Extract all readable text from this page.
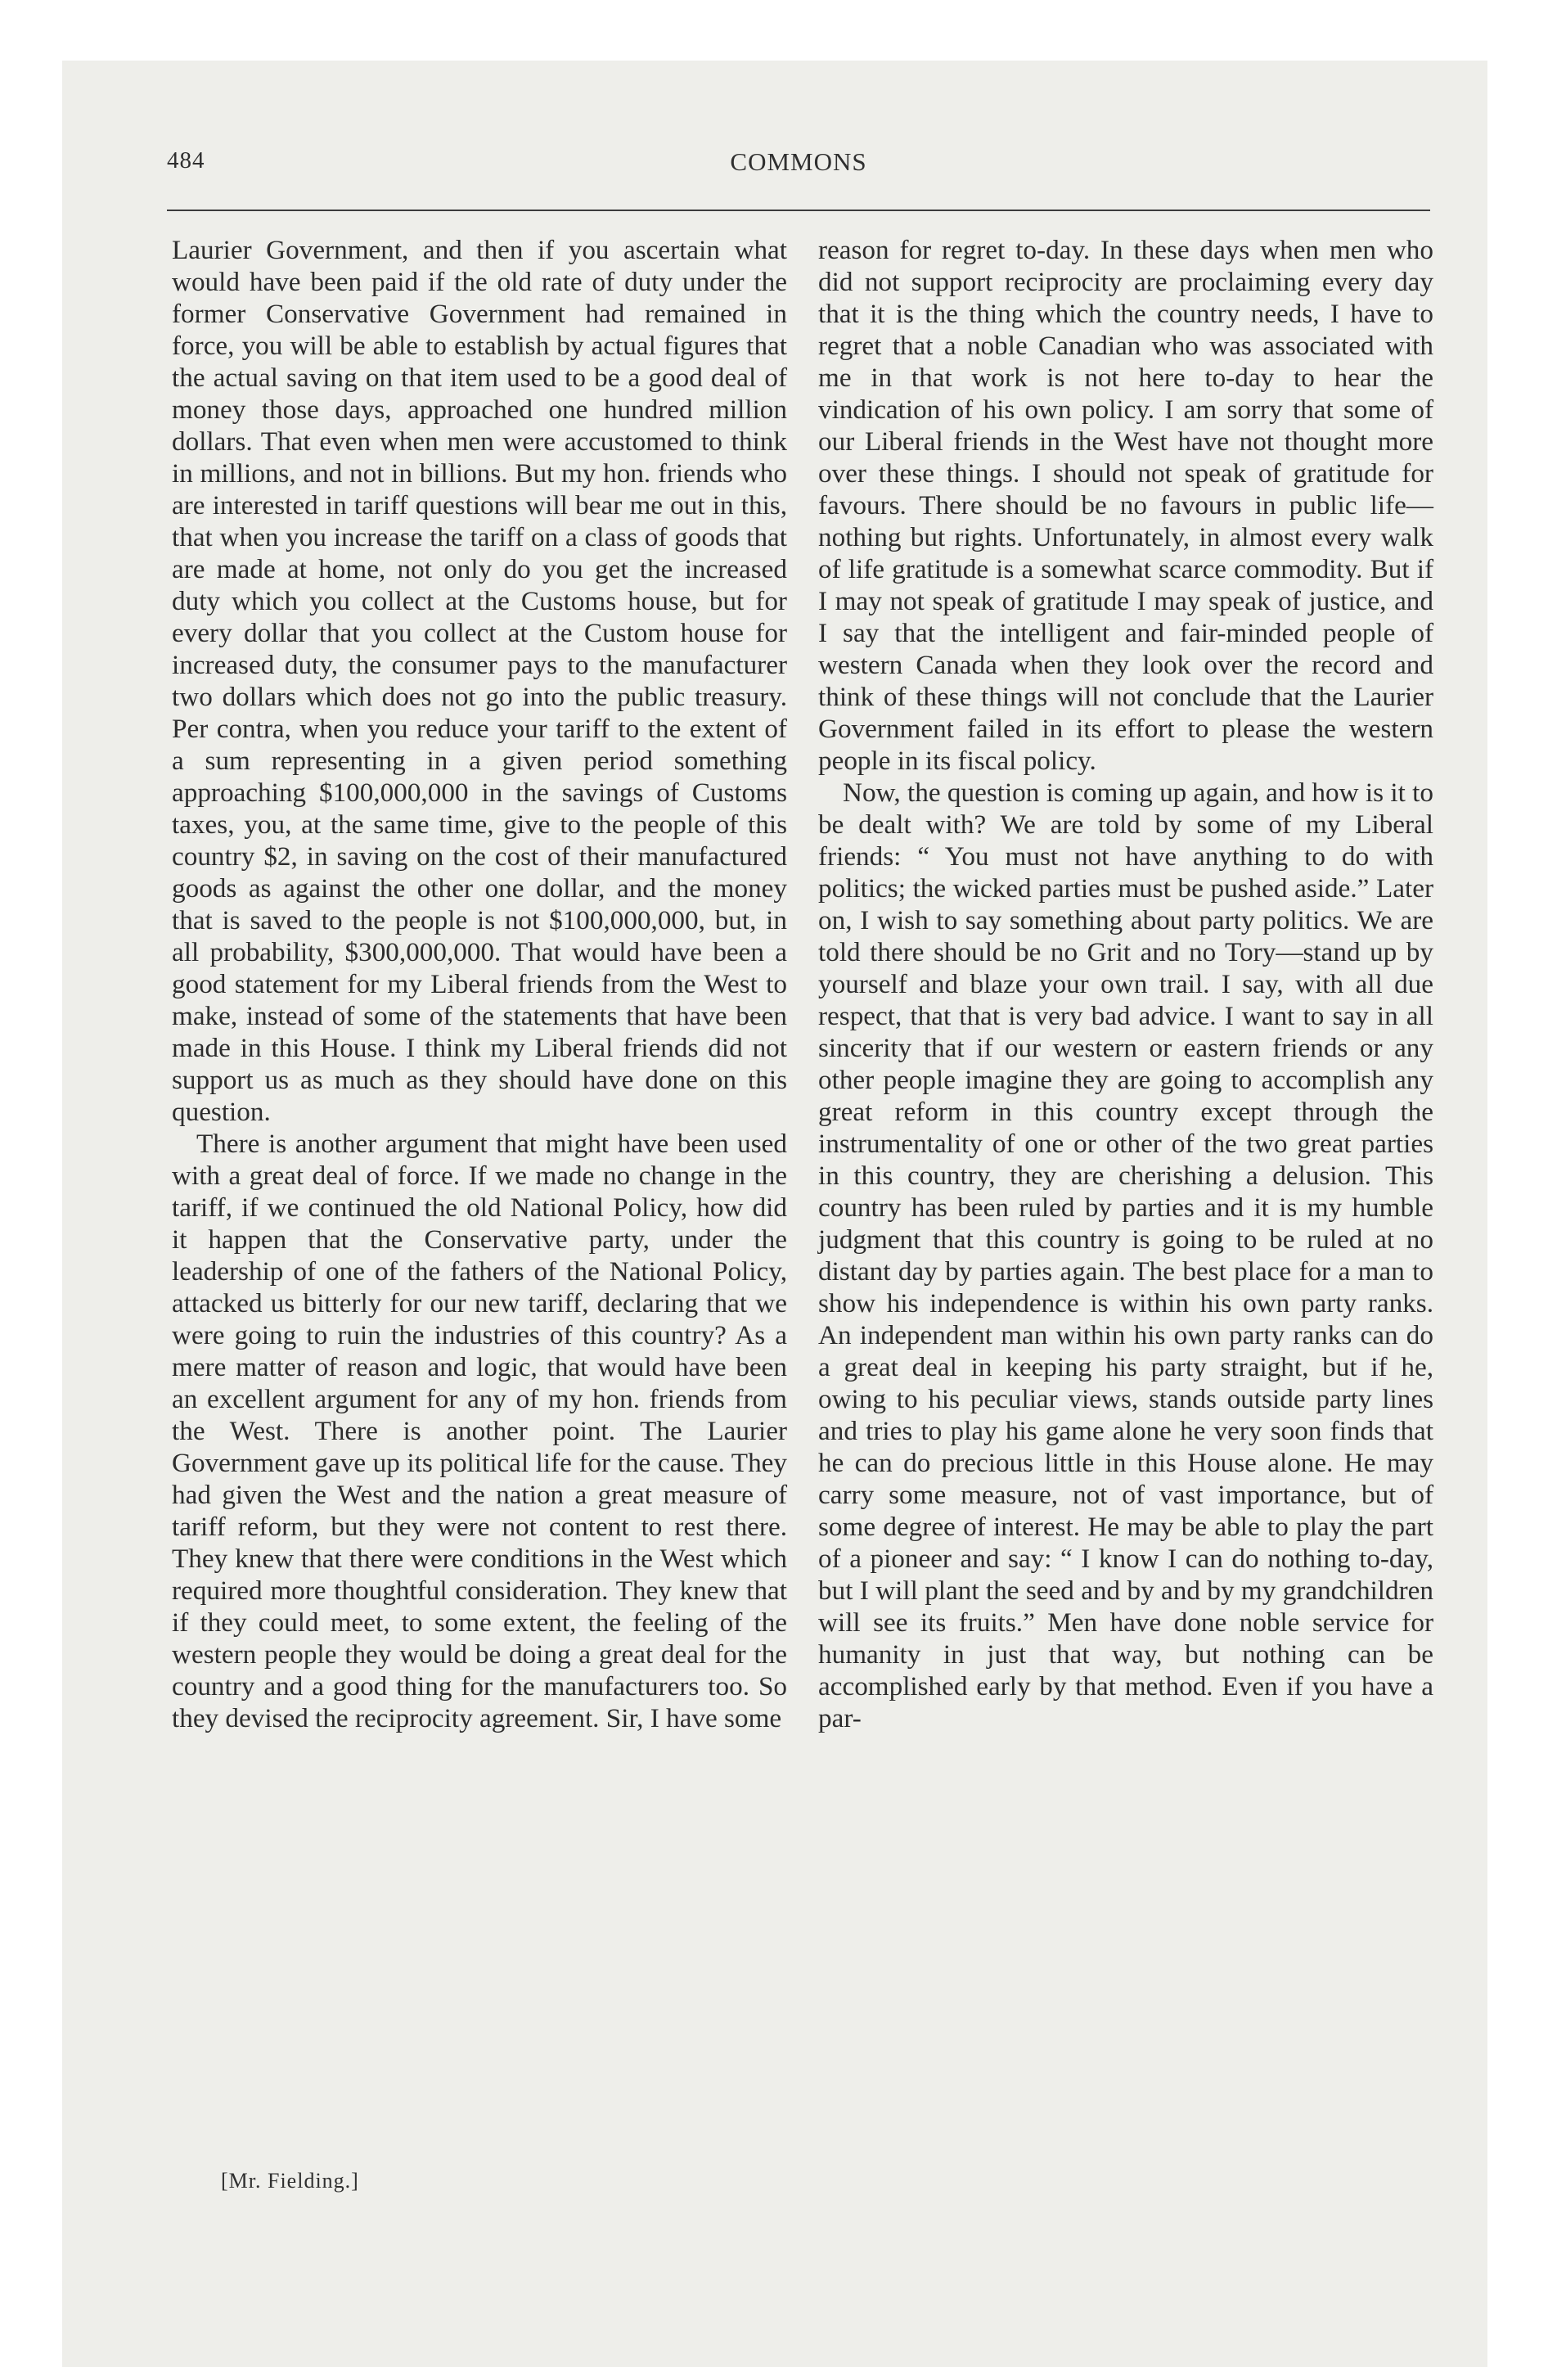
484	COMMONS

Laurier Government, and then if you ascertain what would have been paid if the old rate of duty under the former Conservative Government had remained in force, you will be able to establish by actual figures that the actual saving on that item used to be a good deal of money those days, approached one hundred million dollars. That even when men were accustomed to think in millions, and not in billions. But my hon. friends who are interested in tariff questions will bear me out in this, that when you increase the tariff on a class of goods that are made at home, not only do you get the increased duty which you collect at the Customs house, but for every dollar that you collect at the Custom house for increased duty, the consumer pays to the manufacturer two dollars which does not go into the public treasury. Per contra, when you reduce your tariff to the extent of a sum representing in a given period something approaching $100,000,000 in the savings of Customs taxes, you, at the same time, give to the people of this country $2, in saving on the cost of their manufactured goods as against the other one dollar, and the money that is saved to the people is not $100,000,000, but, in all probability, $300,000,000. That would have been a good statement for my Liberal friends from the West to make, instead of some of the statements that have been made in this House. I think my Liberal friends did not support us as much as they should have done on this question.

There is another argument that might have been used with a great deal of force. If we made no change in the tariff, if we continued the old National Policy, how did it happen that the Conservative party, under the leadership of one of the fathers of the National Policy, attacked us bitterly for our new tariff, declaring that we were going to ruin the industries of this country? As a mere matter of reason and logic, that would have been an excellent argument for any of my hon. friends from the West. There is another point. The Laurier Government gave up its political life for the cause. They had given the West and the nation a great measure of tariff reform, but they were not content to rest there. They knew that there were conditions in the West which required more thoughtful consideration. They knew that if they could meet, to some extent, the feeling of the western people they would be doing a great deal for the country and a good thing for the manufacturers too. So they devised the reciprocity agreement. Sir, I have some

reason for regret to-day. In these days when men who did not support reciprocity are proclaiming every day that it is the thing which the country needs, I have to regret that a noble Canadian who was associated with me in that work is not here to-day to hear the vindication of his own policy. I am sorry that some of our Liberal friends in the West have not thought more over these things. I should not speak of gratitude for favours. There should be no favours in public life—nothing but rights. Unfortunately, in almost every walk of life gratitude is a somewhat scarce commodity. But if I may not speak of gratitude I may speak of justice, and I say that the intelligent and fair-minded people of western Canada when they look over the record and think of these things will not conclude that the Laurier Government failed in its effort to please the western people in its fiscal policy.

Now, the question is coming up again, and how is it to be dealt with? We are told by some of my Liberal friends: “ You must not have anything to do with politics; the wicked parties must be pushed aside.” Later on, I wish to say something about party politics. We are told there should be no Grit and no Tory—stand up by yourself and blaze your own trail. I say, with all due respect, that that is very bad advice. I want to say in all sincerity that if our western or eastern friends or any other people imagine they are going to accomplish any great reform in this country except through the instrumentality of one or other of the two great parties in this country, they are cherishing a delusion. This country has been ruled by parties and it is my humble judgment that this country is going to be ruled at no distant day by parties again. The best place for a man to show his independence is within his own party ranks. An independent man within his own party ranks can do a great deal in keeping his party straight, but if he, owing to his peculiar views, stands outside party lines and tries to play his game alone he very soon finds that he can do precious little in this House alone. He may carry some measure, not of vast importance, but of some degree of interest. He may be able to play the part of a pioneer and say: “ I know I can do nothing to-day, but I will plant the seed and by and by my grandchildren will see its fruits.” Men have done noble service for humanity in just that way, but nothing can be accomplished early by that method. Even if you have a par-

[Mr. Fielding.]
